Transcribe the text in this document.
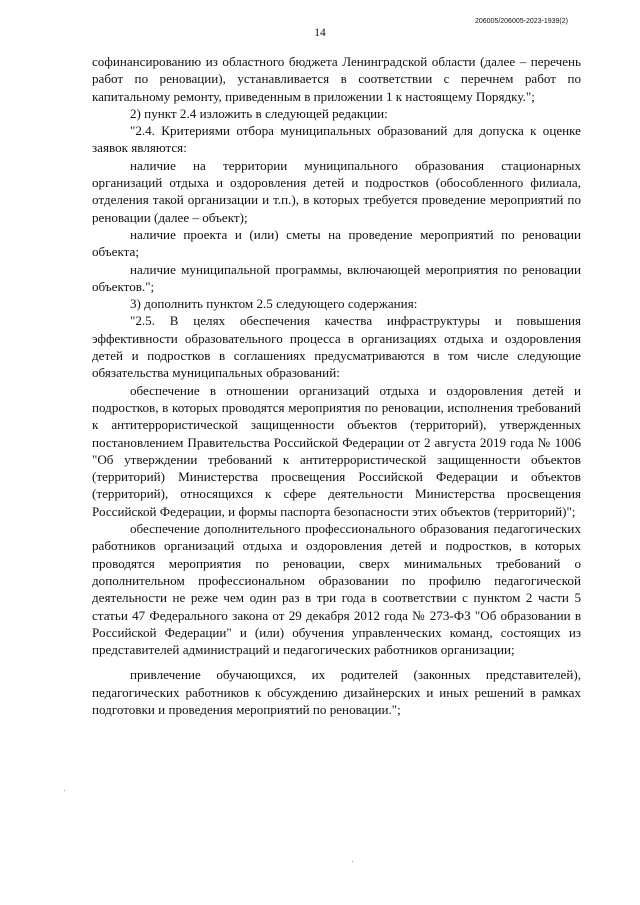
206005/206005-2023-1939(2)
14

софинансированию из областного бюджета Ленинградской области (далее – перечень работ по реновации), устанавливается в соответствии с перечнем работ по капитальному ремонту, приведенным в приложении 1 к настоящему Порядку.";

2) пункт 2.4 изложить в следующей редакции:

"2.4. Критериями отбора муниципальных образований для допуска к оценке заявок являются:

наличие на территории муниципального образования стационарных организаций отдыха и оздоровления детей и подростков (обособленного филиала, отделения такой организации и т.п.), в которых требуется проведение мероприятий по реновации (далее – объект);

наличие проекта и (или) сметы на проведение мероприятий по реновации объекта;

наличие муниципальной программы, включающей мероприятия по реновации объектов.";

3) дополнить пунктом 2.5 следующего содержания:

"2.5. В целях обеспечения качества инфраструктуры и повышения эффективности образовательного процесса в организациях отдыха и оздоровления детей и подростков в соглашениях предусматриваются в том числе следующие обязательства муниципальных образований:

обеспечение в отношении организаций отдыха и оздоровления детей и подростков, в которых проводятся мероприятия по реновации, исполнения требований к антитеррористической защищенности объектов (территорий), утвержденных постановлением Правительства Российской Федерации от 2 августа 2019 года № 1006 "Об утверждении требований к антитеррористической защищенности объектов (территорий) Министерства просвещения Российской Федерации и объектов (территорий), относящихся к сфере деятельности Министерства просвещения Российской Федерации, и формы паспорта безопасности этих объектов (территорий)";

обеспечение дополнительного профессионального образования педагогических работников организаций отдыха и оздоровления детей и подростков, в которых проводятся мероприятия по реновации, сверх минимальных требований о дополнительном профессиональном образовании по профилю педагогической деятельности не реже чем один раз в три года в соответствии с пунктом 2 части 5 статьи 47 Федерального закона от 29 декабря 2012 года № 273-ФЗ "Об образовании в Российской Федерации" и (или) обучения управленческих команд, состоящих из представителей администраций и педагогических работников организации;

привлечение обучающихся, их родителей (законных представителей), педагогических работников к обсуждению дизайнерских и иных решений в рамках подготовки и проведения мероприятий по реновации.";
